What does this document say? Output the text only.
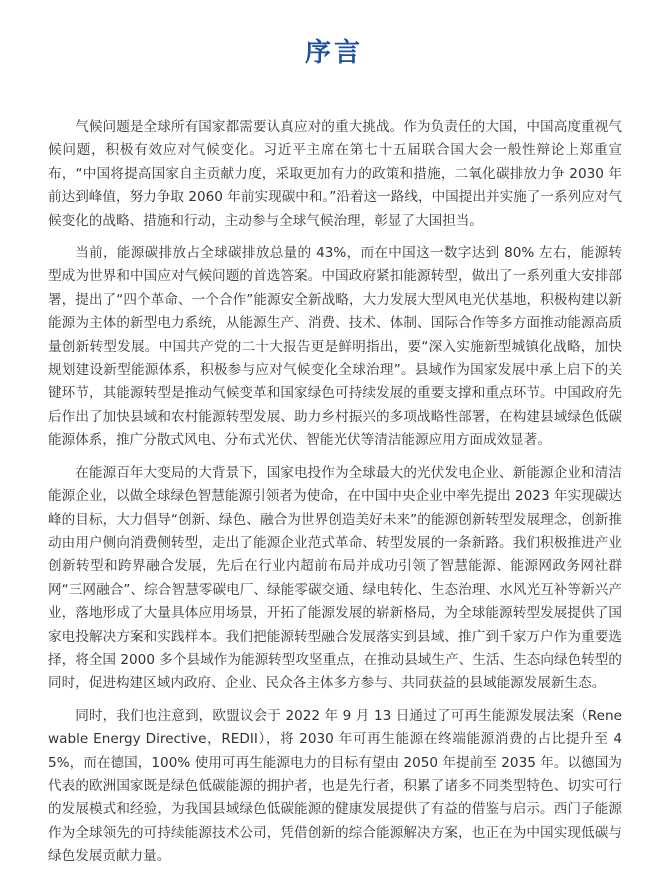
序言

气候问题是全球所有国家都需要认真应对的重大挑战。作为负责任的大国，中国高度重视气候问题，积极有效应对气候变化。习近平主席在第七十五届联合国大会一般性辩论上郑重宣布，“中国将提高国家自主贡献力度，采取更加有力的政策和措施，二氧化碳排放力争 2030 年前达到峰值，努力争取 2060 年前实现碳中和。”沿着这一路线，中国提出并实施了一系列应对气候变化的战略、措施和行动，主动参与全球气候治理，彰显了大国担当。

当前，能源碳排放占全球碳排放总量的 43%，而在中国这一数字达到 80% 左右，能源转型成为世界和中国应对气候问题的首选答案。中国政府紧扣能源转型，做出了一系列重大安排部署，提出了“四个革命、一个合作”能源安全新战略，大力发展大型风电光伏基地，积极构建以新能源为主体的新型电力系统，从能源生产、消费、技术、体制、国际合作等多方面推动能源高质量创新转型发展。中国共产党的二十大报告更是鲜明指出，要“深入实施新型城镇化战略，加快规划建设新型能源体系，积极参与应对气候变化全球治理”。县域作为国家发展中承上启下的关键环节，其能源转型是推动气候变革和国家绿色可持续发展的重要支撑和重点环节。中国政府先后作出了加快县域和农村能源转型发展、助力乡村振兴的多项战略性部署，在构建县域绿色低碳能源体系，推广分散式风电、分布式光伏、智能光伏等清洁能源应用方面成效显著。

在能源百年大变局的大背景下，国家电投作为全球最大的光伏发电企业、新能源企业和清洁能源企业，以做全球绿色智慧能源引领者为使命，在中国中央企业中率先提出 2023 年实现碳达峰的目标，大力倡导“创新、绿色、融合为世界创造美好未来”的能源创新转型发展理念，创新推动由用户侧向消费侧转型，走出了能源企业范式革命、转型发展的一条新路。我们积极推进产业创新转型和跨界融合发展，先后在行业内超前布局并成功引领了智慧能源、能源网政务网社群网“三网融合”、综合智慧零碳电厂、绿能零碳交通、绿电转化、生态治理、水风光互补等新兴产业，落地形成了大量具体应用场景，开拓了能源发展的崭新格局，为全球能源转型发展提供了国家电投解决方案和实践样本。我们把能源转型融合发展落实到县域、推广到千家万户作为重要选择，将全国 2000 多个县域作为能源转型攻坚重点，在推动县域生产、生活、生态向绿色转型的同时，促进构建区域内政府、企业、民众各主体多方参与、共同获益的县域能源发展新生态。

同时，我们也注意到，欧盟议会于 2022 年 9 月 13 日通过了可再生能源发展法案（Renewable Energy Directive，REDII），将 2030 年可再生能源在终端能源消费的占比提升至 45%，而在德国，100% 使用可再生能源电力的目标有望由 2050 年提前至 2035 年。以德国为代表的欧洲国家既是绿色低碳能源的拥护者，也是先行者，积累了诸多不同类型特色、切实可行的发展模式和经验，为我国县域绿色低碳能源的健康发展提供了有益的借鉴与启示。西门子能源作为全球领先的可持续能源技术公司，凭借创新的综合能源解决方案，也正在为中国实现低碳与绿色发展贡献力量。
